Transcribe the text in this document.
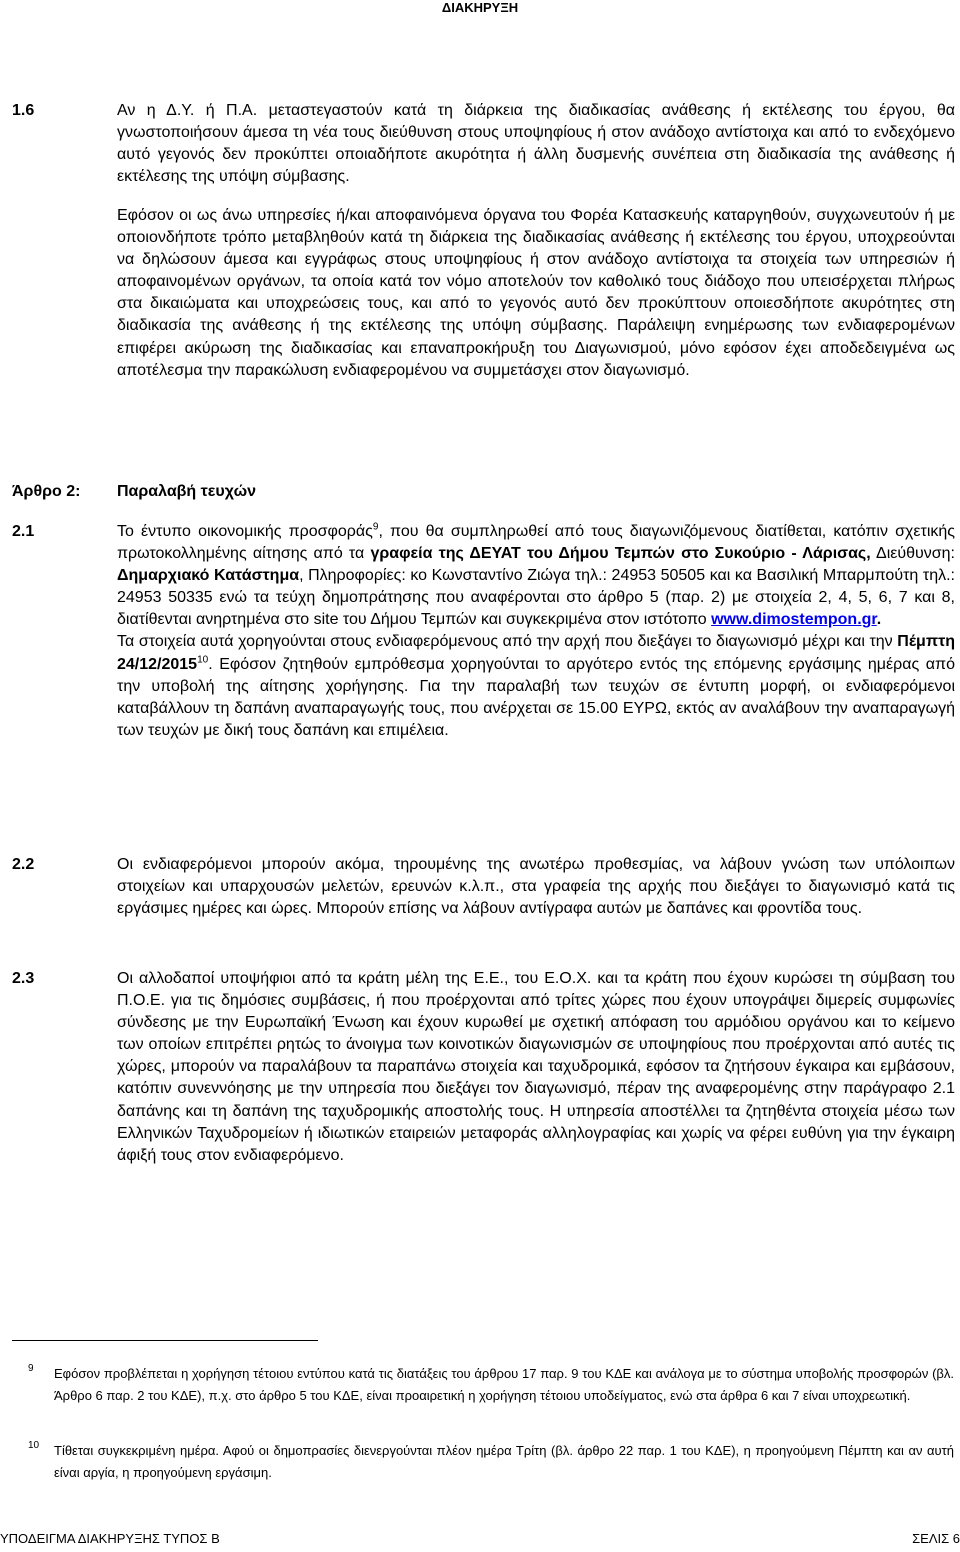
ΔΙΑΚΗΡΥΞΗ
1.6	Αν η Δ.Υ. ή Π.Α. μεταστεγαστούν κατά τη διάρκεια της διαδικασίας ανάθεσης ή εκτέλεσης του έργου, θα γνωστοποιήσουν άμεσα τη νέα τους διεύθυνση στους υποψηφίους ή στον ανάδοχο αντίστοιχα και από το ενδεχόμενο αυτό γεγονός δεν προκύπτει οποιαδήποτε ακυρότητα ή άλλη δυσμενής συνέπεια στη διαδικασία της ανάθεσης ή εκτέλεσης της υπόψη σύμβασης.
Εφόσον οι ως άνω υπηρεσίες ή/και αποφαινόμενα όργανα του Φορέα Κατασκευής καταργηθούν, συγχωνευτούν ή με οποιονδήποτε τρόπο μεταβληθούν κατά τη διάρκεια της διαδικασίας ανάθεσης ή εκτέλεσης του έργου, υποχρεούνται να δηλώσουν άμεσα και εγγράφως στους υποψηφίους ή στον ανάδοχο αντίστοιχα τα στοιχεία των υπηρεσιών ή αποφαινομένων οργάνων, τα οποία κατά τον νόμο αποτελούν τον καθολικό τους διάδοχο που υπεισέρχεται πλήρως στα δικαιώματα και υποχρεώσεις τους, και από το γεγονός αυτό δεν προκύπτουν οποιεσδήποτε ακυρότητες στη διαδικασία της ανάθεσης ή της εκτέλεσης της υπόψη σύμβασης. Παράλειψη ενημέρωσης των ενδιαφερομένων επιφέρει ακύρωση της διαδικασίας και επαναπροκήρυξη του Διαγωνισμού, μόνο εφόσον έχει αποδεδειγμένα ως αποτέλεσμα την παρακώλυση ενδιαφερομένου να συμμετάσχει στον διαγωνισμό.
Άρθρο 2: Παραλαβή τευχών
2.1	Το έντυπο οικονομικής προσφοράς$^9$, που θα συμπληρωθεί από τους διαγωνιζόμενους διατίθεται, κατόπιν σχετικής πρωτοκολλημένης αίτησης από τα γραφεία της ΔΕΥΑΤ του Δήμου Τεμπών στο Συκούριο - Λάρισας, Διεύθυνση: Δημαρχιακό Κατάστημα, Πληροφορίες: κο Κωνσταντίνο Ζιώγα τηλ.: 24953 50505 και κα Βασιλική Μπαρμπούτη τηλ.: 24953 50335 ενώ τα τεύχη δημοπράτησης που αναφέρονται στο άρθρο 5 (παρ. 2) με στοιχεία 2, 4, 5, 6, 7 και 8, διατίθενται ανηρτημένα στο site του Δήμου Τεμπών και συγκεκριμένα στον ιστότοπο www.dimostempon.gr.
Τα στοιχεία αυτά χορηγούνται στους ενδιαφερόμενους από την αρχή που διεξάγει το διαγωνισμό μέχρι και την Πέμπτη 24/12/2015$^{10}$. Εφόσον ζητηθούν εμπρόθεσμα χορηγούνται το αργότερο εντός της επόμενης εργάσιμης ημέρας από την υποβολή της αίτησης χορήγησης. Για την παραλαβή των τευχών σε έντυπη μορφή, οι ενδιαφερόμενοι καταβάλλουν τη δαπάνη αναπαραγωγής τους, που ανέρχεται σε 15.00 ΕΥΡΩ, εκτός αν αναλάβουν την αναπαραγωγή των τευχών με δική τους δαπάνη και επιμέλεια.
2.2	Οι ενδιαφερόμενοι μπορούν ακόμα, τηρουμένης της ανωτέρω προθεσμίας, να λάβουν γνώση των υπόλοιπων στοιχείων και υπαρχουσών μελετών, ερευνών κ.λ.π., στα γραφεία της αρχής που διεξάγει το διαγωνισμό κατά τις εργάσιμες ημέρες και ώρες. Μπορούν επίσης να λάβουν αντίγραφα αυτών με δαπάνες και φροντίδα τους.
2.3	Οι αλλοδαποί υποψήφιοι από τα κράτη μέλη της Ε.Ε., του Ε.Ο.Χ. και τα κράτη που έχουν κυρώσει τη σύμβαση του Π.Ο.Ε. για τις δημόσιες συμβάσεις, ή που προέρχονται από τρίτες χώρες που έχουν υπογράψει διμερείς συμφωνίες σύνδεσης με την Ευρωπαϊκή Ένωση και έχουν κυρωθεί με σχετική απόφαση του αρμόδιου οργάνου και το κείμενο των οποίων επιτρέπει ρητώς το άνοιγμα των κοινοτικών διαγωνισμών σε υποψηφίους που προέρχονται από αυτές τις χώρες, μπορούν να παραλάβουν τα παραπάνω στοιχεία και ταχυδρομικά, εφόσον τα ζητήσουν έγκαιρα και εμβάσουν, κατόπιν συνεννόησης με την υπηρεσία που διεξάγει τον διαγωνισμό, πέραν της αναφερομένης στην παράγραφο 2.1 δαπάνης και τη δαπάνη της ταχυδρομικής αποστολής τους. Η υπηρεσία αποστέλλει τα ζητηθέντα στοιχεία μέσω των Ελληνικών Ταχυδρομείων ή ιδιωτικών εταιρειών μεταφοράς αλληλογραφίας και χωρίς να φέρει ευθύνη για την έγκαιρη άφιξή τους στον ενδιαφερόμενο.
9 Εφόσον προβλέπεται η χορήγηση τέτοιου εντύπου κατά τις διατάξεις του άρθρου 17 παρ. 9 του ΚΔΕ και ανάλογα με το σύστημα υποβολής προσφορών (βλ. Άρθρο 6 παρ. 2 του ΚΔΕ), π.χ. στο άρθρο 5 του ΚΔΕ, είναι προαιρετική η χορήγηση τέτοιου υποδείγματος, ενώ στα άρθρα 6 και 7 είναι υποχρεωτική.
10 Τίθεται συγκεκριμένη ημέρα. Αφού οι δημοπρασίες διενεργούνται πλέον ημέρα Τρίτη (βλ. άρθρο 22 παρ. 1 του ΚΔΕ), η προηγούμενη Πέμπτη και αν αυτή είναι αργία, η προηγούμενη εργάσιμη.
ΥΠΟΔΕΙΓΜΑ ΔΙΑΚΗΡΥΞΗΣ ΤΥΠΟΣ Β	ΣΕΛΙΣ 6
